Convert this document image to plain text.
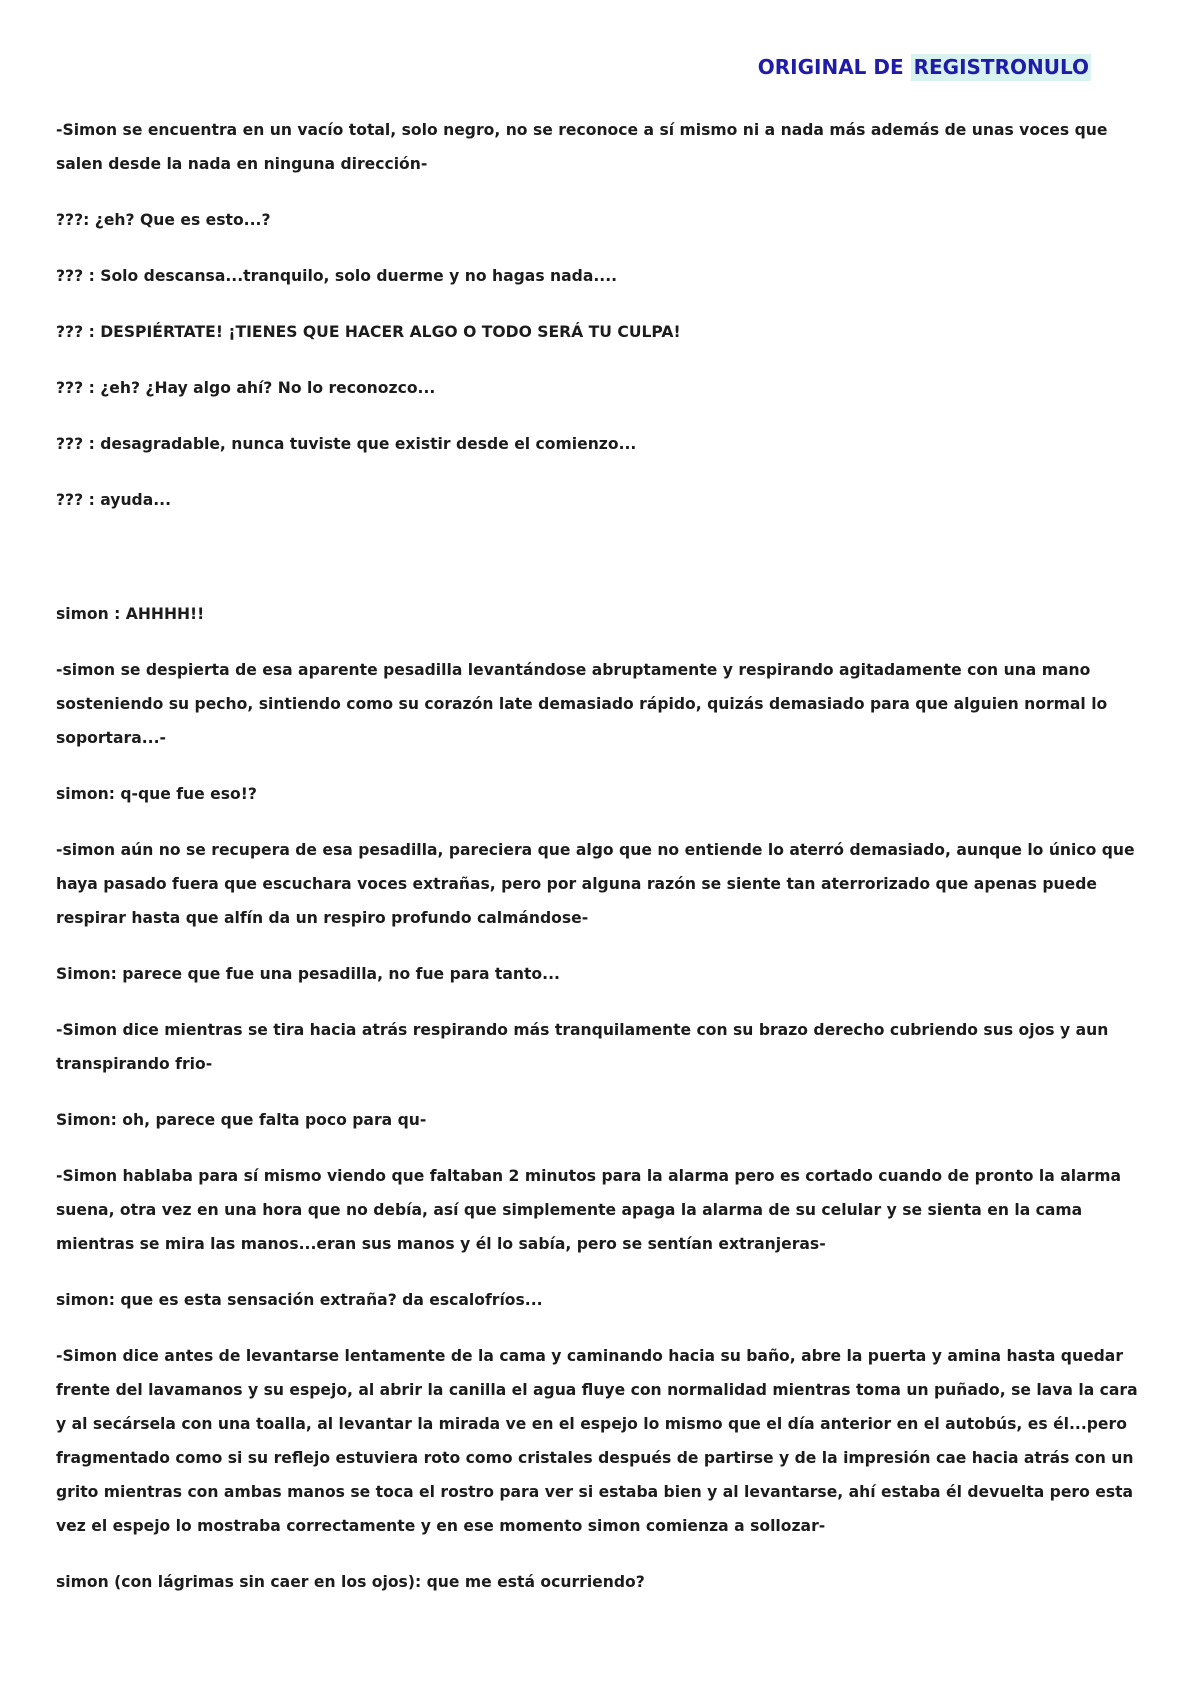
ORIGINAL DE REGISTRONULO

-Simon se encuentra en un vacío total, solo negro, no se reconoce a sí mismo ni a nada más además de unas voces que salen desde la nada en ninguna dirección-

???: ¿eh? Que es esto...?

??? : Solo descansa...tranquilo, solo duerme y no hagas nada....

??? : DESPIÉRTATE! ¡TIENES QUE HACER ALGO O TODO SERÁ TU CULPA!

??? : ¿eh? ¿Hay algo ahí? No lo reconozco...

??? : desagradable, nunca tuviste que existir desde el comienzo...

??? : ayuda...

simon : AHHHH!!

-simon se despierta de esa aparente pesadilla levantándose abruptamente y respirando agitadamente con una mano sosteniendo su pecho, sintiendo como su corazón late demasiado rápido, quizás demasiado para que alguien normal lo soportara...-

simon: q-que fue eso!?

-simon aún no se recupera de esa pesadilla, pareciera que algo que no entiende lo aterró demasiado, aunque lo único que haya pasado fuera que escuchara voces extrañas, pero por alguna razón se siente tan aterrorizado que apenas puede respirar hasta que alfín da un respiro profundo calmándose-

Simon: parece que fue una pesadilla, no fue para tanto...

-Simon dice mientras se tira hacia atrás respirando más tranquilamente con su brazo derecho cubriendo sus ojos y aun transpirando frio-

Simon: oh, parece que falta poco para qu-

-Simon hablaba para sí mismo viendo que faltaban 2 minutos para la alarma pero es cortado cuando de pronto la alarma suena, otra vez en una hora que no debía, así que simplemente apaga la alarma de su celular y se sienta en la cama mientras se mira las manos...eran sus manos y él lo sabía, pero se sentían extranjeras-

simon: que es esta sensación extraña? da escalofríos...

-Simon dice antes de levantarse lentamente de la cama y caminando hacia su baño, abre la puerta y amina hasta quedar frente del lavamanos y su espejo, al abrir la canilla el agua fluye con normalidad mientras toma un puñado, se lava la cara y al secársela con una toalla, al levantar la mirada ve en el espejo lo mismo que el día anterior en el autobús, es él...pero fragmentado como si su reflejo estuviera roto como cristales después de partirse y de la impresión cae hacia atrás con un grito mientras con ambas manos se toca el rostro para ver si estaba bien y al levantarse, ahí estaba él devuelta pero esta vez el espejo lo mostraba correctamente y en ese momento simon comienza a sollozar-

simon (con lágrimas sin caer en los ojos): que me está ocurriendo?
